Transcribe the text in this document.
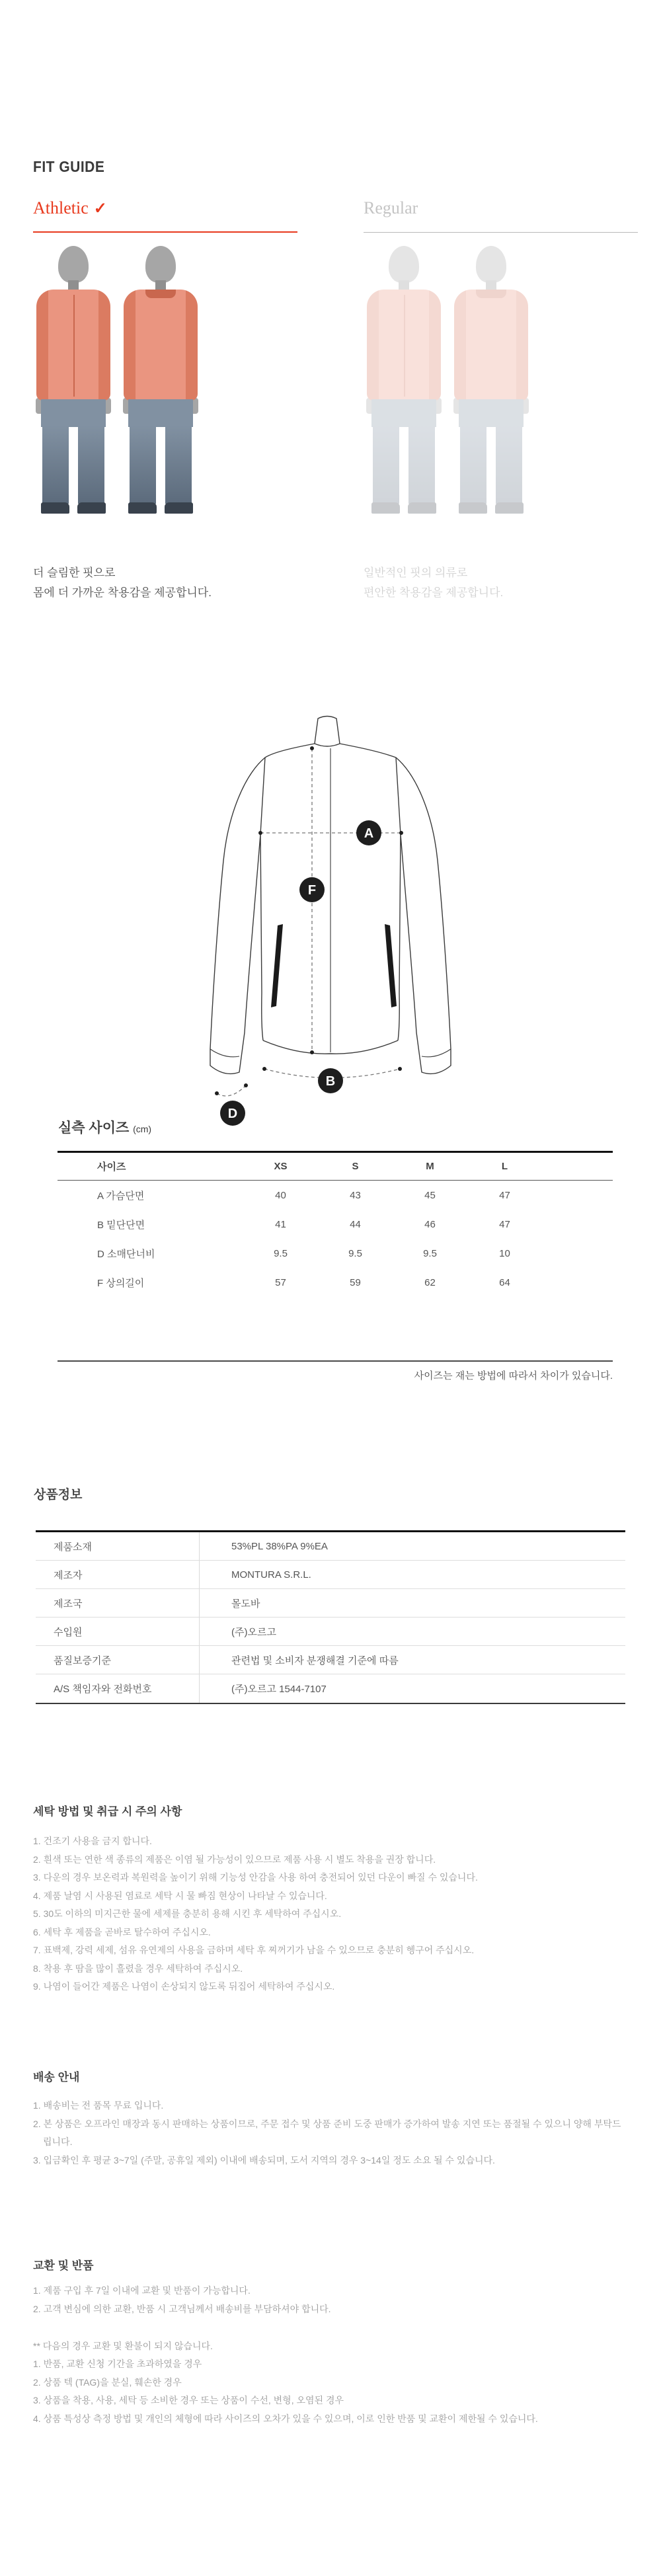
FIT GUIDE
Athletic ✓	Regular
더 슬림한 핏으로
몸에 더 가까운 착용감을 제공합니다.
일반적인 핏의 의류로
편안한 착용감을 제공합니다.
A
F
B
D
실측 사이즈 (cm)
사이즈	XS	S	M	L
A 가슴단면	40	43	45	47
B 밑단단면	41	44	46	47
D 소매단너비	9.5	9.5	9.5	10
F 상의길이	57	59	62	64
사이즈는 재는 방법에 따라서 차이가 있습니다.
상품정보
제품소재	53%PL 38%PA 9%EA
제조자	MONTURA S.R.L.
제조국	몰도바
수입원	(주)오르고
품질보증기준	관련법 및 소비자 분쟁해결 기준에 따름
A/S 책임자와 전화번호	(주)오르고 1544-7107
세탁 방법 및 취급 시 주의 사항
1. 건조기 사용을 금지 합니다.
2. 흰색 또는 연한 색 종류의 제품은 이염 될 가능성이 있으므로 제품 사용 시 별도 착용을 권장 합니다.
3. 다운의 경우 보온력과 복원력을 높이기 위해 기능성 안감을 사용 하여 충전되어 있던 다운이 빠질 수 있습니다.
4. 제품 날염 시 사용된 염료로 세탁 시 물 빠짐 현상이 나타날 수 있습니다.
5. 30도 이하의 미지근한 물에 세제를 충분히 용해 시킨 후 세탁하여 주십시오.
6. 세탁 후 제품을 곧바로 탈수하여 주십시오.
7. 표백제, 강력 세제, 섬유 유연제의 사용을 금하며 세탁 후 찌꺼기가 남을 수 있으므로 충분히 헹구어 주십시오.
8. 착용 후 땀을 많이 흘렸을 경우 세탁하여 주십시오.
9. 나염이 들어간 제품은 나염이 손상되지 않도록 뒤집어 세탁하여 주십시오.
배송 안내
1. 배송비는 전 품목 무료 입니다.
2. 본 상품은 오프라인 매장과 동시 판매하는 상품이므로, 주문 접수 및 상품 준비 도중 판매가 증가하여 발송 지연 또는 품절될 수 있으니 양해 부탁드립니다.
3. 입금확인 후 평균 3~7일 (주말, 공휴일 제외) 이내에 배송되며, 도서 지역의 경우 3~14일 정도 소요 될 수 있습니다.
교환 및 반품
1. 제품 구입 후 7일 이내에 교환 및 반품이 가능합니다.
2. 고객 변심에 의한 교환, 반품 시 고객님께서 배송비를 부담하셔야 합니다.
** 다음의 경우 교환 및 환불이 되지 않습니다.
1. 반품, 교환 신청 기간을 초과하였을 경우
2. 상품 텍 (TAG)을 분실, 훼손한 경우
3. 상품을 착용, 사용, 세탁 등 소비한 경우 또는 상품이 수선, 변형, 오염된 경우
4. 상품 특성상 측정 방법 및 개인의 체형에 따라 사이즈의 오차가 있을 수 있으며, 이로 인한 반품 및 교환이 제한될 수 있습니다.
